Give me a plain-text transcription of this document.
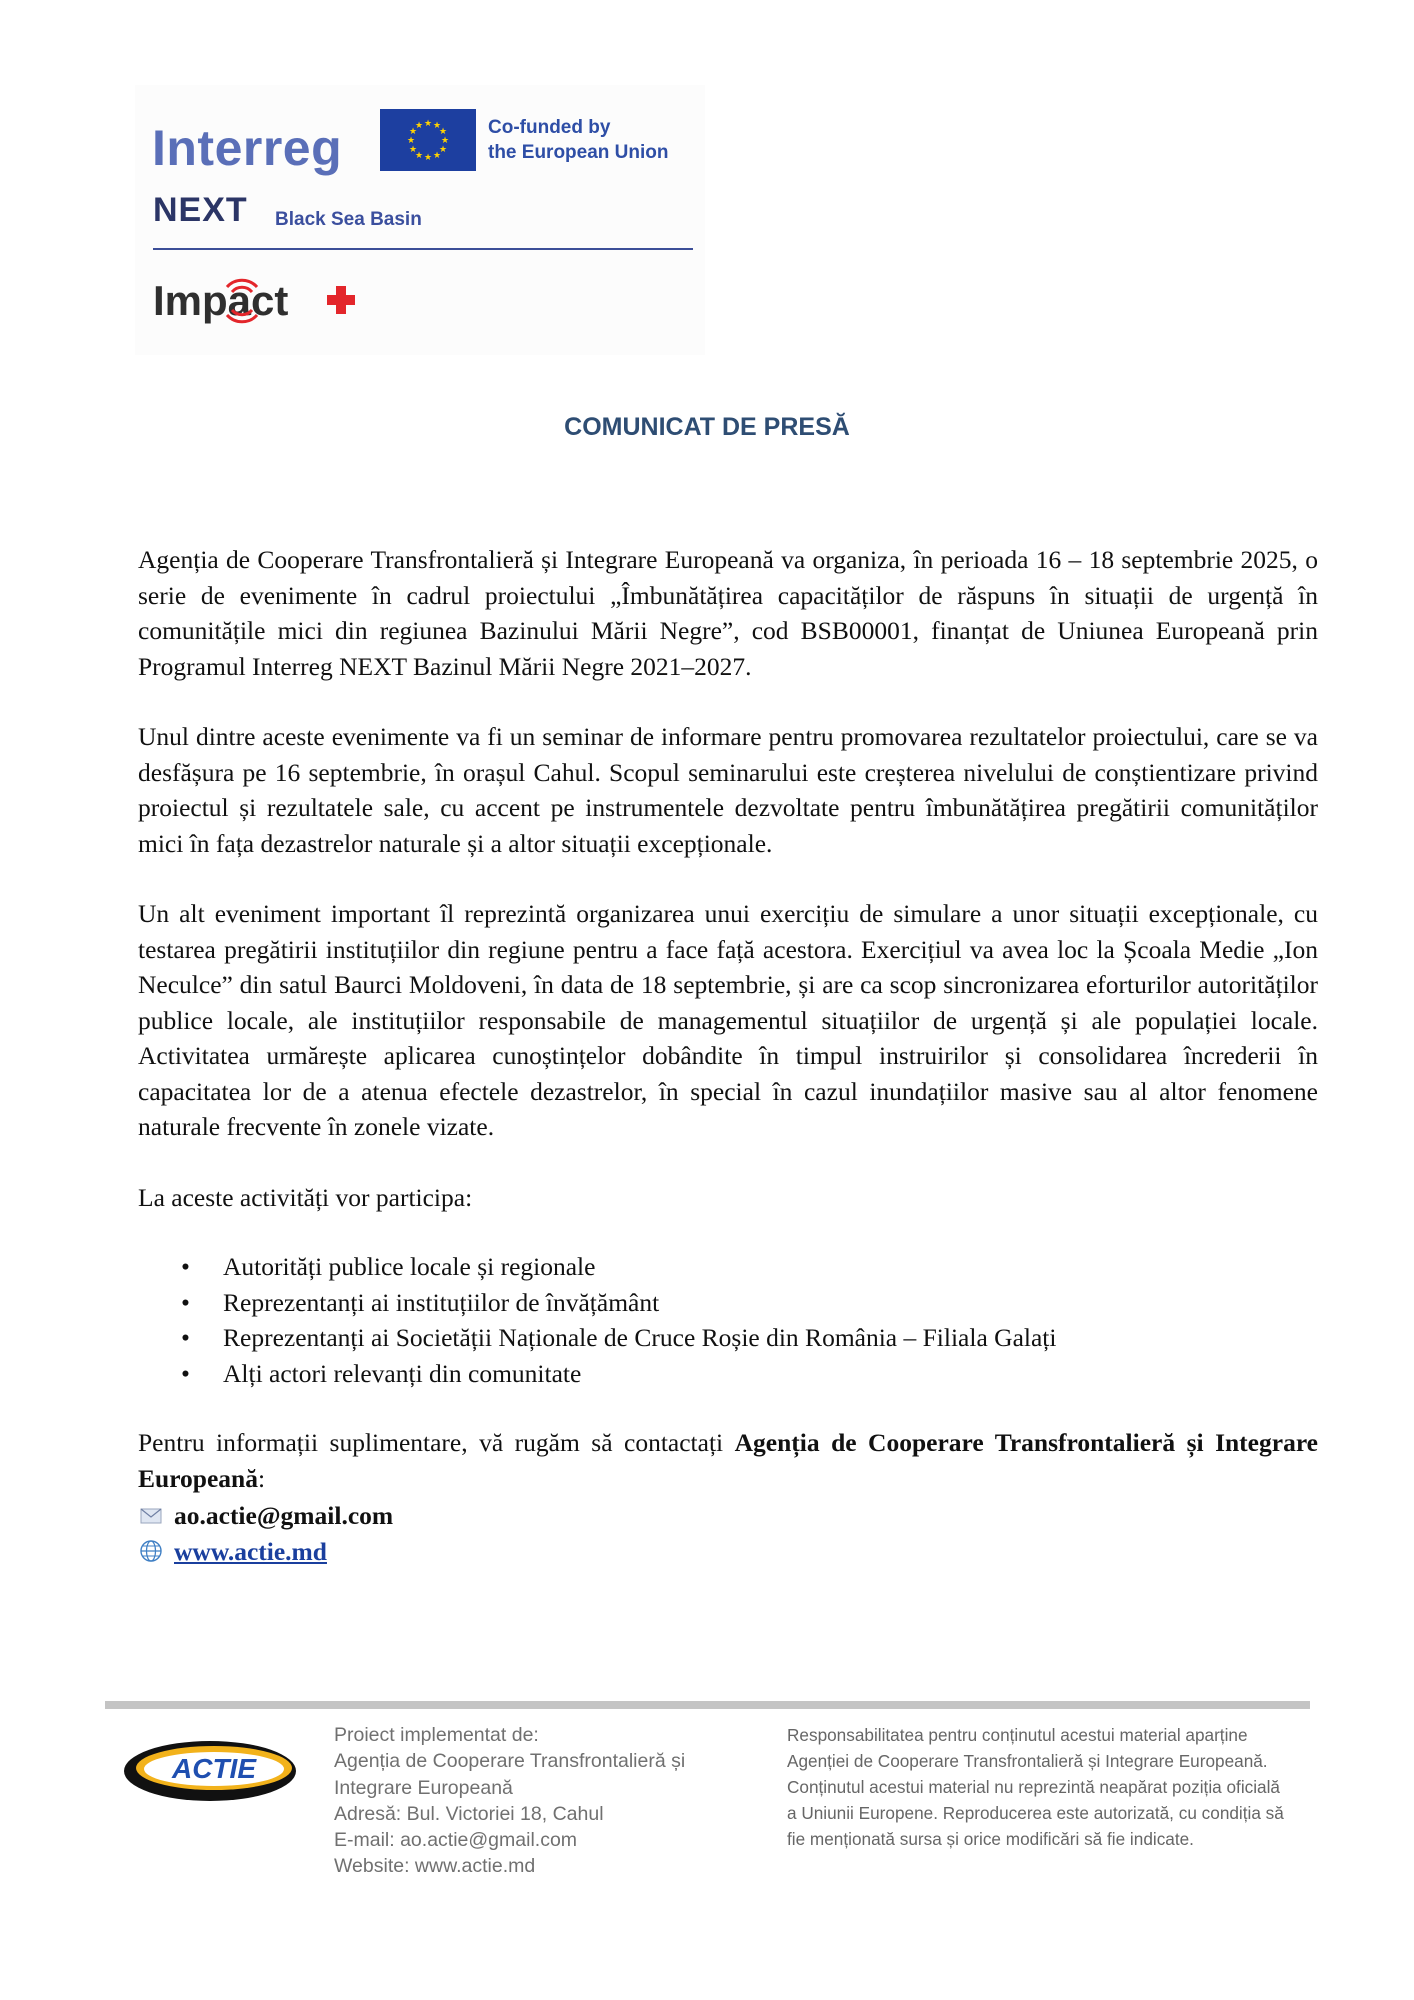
Interreg	★ ★
★
★
★
★
★
★
★
★
★
★	Co-funded by
the European Union
NEXT Black Sea Basin
Impact
COMUNICAT DE PRESĂ

Agenția de Cooperare Transfrontalieră și Integrare Europeană va organiza, în perioada 16 – 18 septembrie 2025, o serie de evenimente în cadrul proiectului „Îmbunătățirea capacităților de răspuns în situații de urgență în comunitățile mici din regiunea Bazinului Mării Negre”, cod BSB00001, finanțat de Uniunea Europeană prin Programul Interreg NEXT Bazinul Mării Negre 2021–2027.

Unul dintre aceste evenimente va fi un seminar de informare pentru promovarea rezultatelor proiectului, care se va desfășura pe 16 septembrie, în orașul Cahul. Scopul seminarului este creșterea nivelului de conștientizare privind proiectul și rezultatele sale, cu accent pe instrumentele dezvoltate pentru îmbunătățirea pregătirii comunităților mici în fața dezastrelor naturale și a altor situații excepționale.

Un alt eveniment important îl reprezintă organizarea unui exercițiu de simulare a unor situații excepționale, cu testarea pregătirii instituțiilor din regiune pentru a face față acestora. Exercițiul va avea loc la Școala Medie „Ion Neculce” din satul Baurci Moldoveni, în data de 18 septembrie, și are ca scop sincronizarea eforturilor autorităților publice locale, ale instituțiilor responsabile de managementul situațiilor de urgență și ale populației locale. Activitatea urmărește aplicarea cunoștințelor dobândite în timpul instruirilor și consolidarea încrederii în capacitatea lor de a atenua efectele dezastrelor, în special în cazul inundațiilor masive sau al altor fenomene naturale frecvente în zonele vizate.

La aceste activități vor participa:

• Autorități publice locale și regionale
• Reprezentanți ai instituțiilor de învățământ
• Reprezentanți ai Societății Naționale de Cruce Roșie din România – Filiala Galați
• Alți actori relevanți din comunitate

Pentru informații suplimentare, vă rugăm să contactați Agenția de Cooperare Transfrontalieră și Integrare Europeană:

ao.actie@gmail.com
www.actie.md
ACTIE
Proiect implementat de:
Agenția de Cooperare Transfrontalieră și
Integrare Europeană
Adresă: Bul. Victoriei 18, Cahul
E-mail: ao.actie@gmail.com
Website: www.actie.md
Responsabilitatea pentru conținutul acestui material aparține
Agenției de Cooperare Transfrontalieră și Integrare Europeană.
Conținutul acestui material nu reprezintă neapărat poziția oficială
a Uniunii Europene. Reproducerea este autorizată, cu condiția să
fie menționată sursa și orice modificări să fie indicate.
